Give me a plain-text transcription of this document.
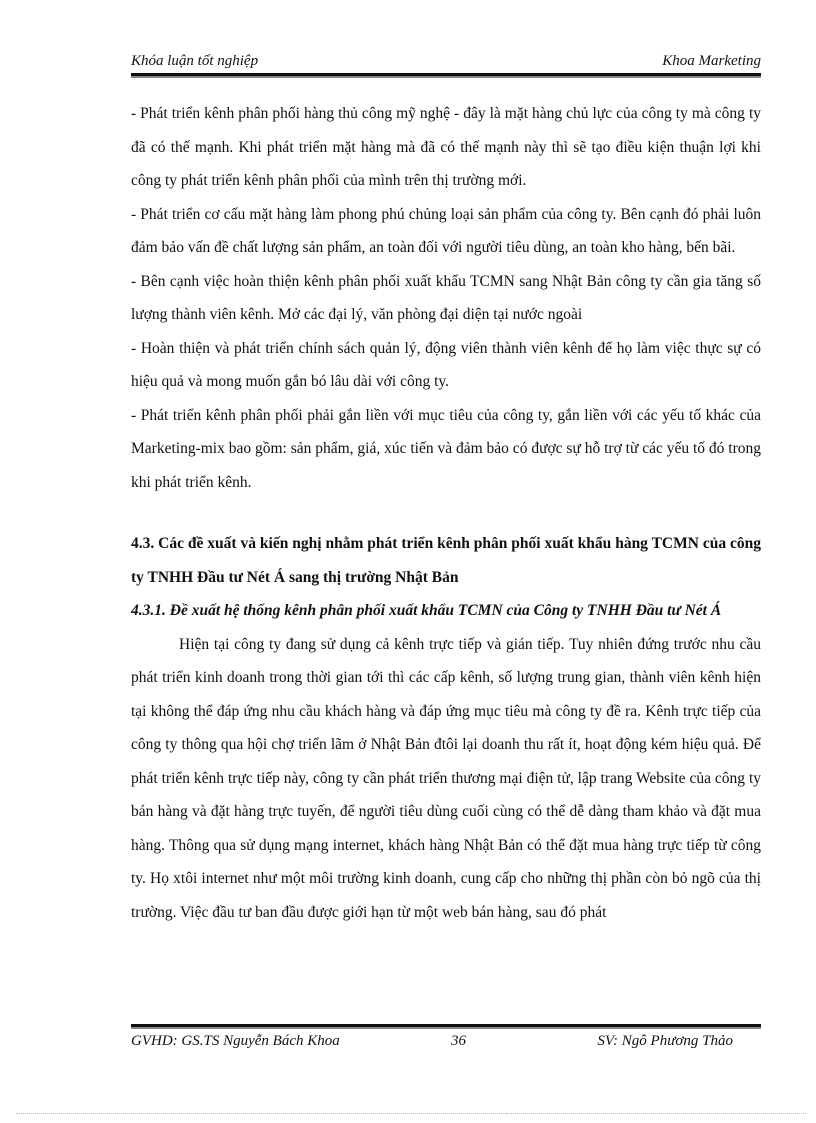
Khóa luận tốt nghiệp	Khoa Marketing

- Phát triển kênh phân phối hàng thủ công mỹ nghệ - đây là mặt hàng chủ lực của công ty mà công ty đã có thế mạnh. Khi phát triển mặt hàng mà đã có thế mạnh này thì sẽ tạo điều kiện thuận lợi khi công ty phát triển kênh phân phối của mình trên thị trường mới.

- Phát triển cơ cấu mặt hàng làm phong phú chủng loại sản phẩm của công ty. Bên cạnh đó phải luôn đảm bảo vấn đề chất lượng sản phẩm, an toàn đối với người tiêu dùng, an toàn kho hàng, bến bãi.

- Bên cạnh việc hoàn thiện kênh phân phối xuất khẩu TCMN sang Nhật Bản công ty cần gia tăng số lượng thành viên kênh. Mở các đại lý, văn phòng đại diện tại nước ngoài

- Hoàn thiện và phát triển chính sách quản lý, động viên thành viên kênh để họ làm việc thực sự có hiệu quả và mong muốn gắn bó lâu dài với công ty.

- Phát triển kênh phân phối phải gắn liền với mục tiêu của công ty, gắn liền với các yếu tố khác của Marketing-mix bao gồm: sản phẩm, giá, xúc tiến và đảm bảo có được sự hỗ trợ từ các yếu tố đó trong khi phát triển kênh.

4.3. Các đề xuất và kiến nghị nhằm phát triển kênh phân phối xuất khẩu hàng TCMN của công ty TNHH Đầu tư Nét Á sang thị trường Nhật Bản

4.3.1. Đề xuất hệ thống kênh phân phối xuất khẩu TCMN của Công ty TNHH Đầu tư Nét Á

Hiện tại công ty đang sử dụng cả kênh trực tiếp và gián tiếp. Tuy nhiên đứng trước nhu cầu phát triển kinh doanh trong thời gian tới thì các cấp kênh, số lượng trung gian, thành viên kênh hiện tại không thể đáp ứng nhu cầu khách hàng và đáp ứng mục tiêu mà công ty đề ra. Kênh trực tiếp của công ty thông qua hội chợ triển lãm ở Nhật Bản đtôi lại doanh thu rất ít, hoạt động kém hiệu quả. Để phát triển kênh trực tiếp này, công ty cần phát triển thương mại điện tử, lập trang Website của công ty bán hàng và đặt hàng trực tuyến, để người tiêu dùng cuối cùng có thể dễ dàng tham khảo và đặt mua hàng. Thông qua sử dụng mạng internet, khách hàng Nhật Bản có thể đặt mua hàng trực tiếp từ công ty. Họ xtôi internet như một môi trường kinh doanh, cung cấp cho những thị phần còn bỏ ngõ của thị trường. Việc đầu tư ban đầu được giới hạn từ một web bán hàng, sau đó phát

GVHD: GS.TS Nguyễn Bách Khoa	36	SV: Ngô Phương Thảo
